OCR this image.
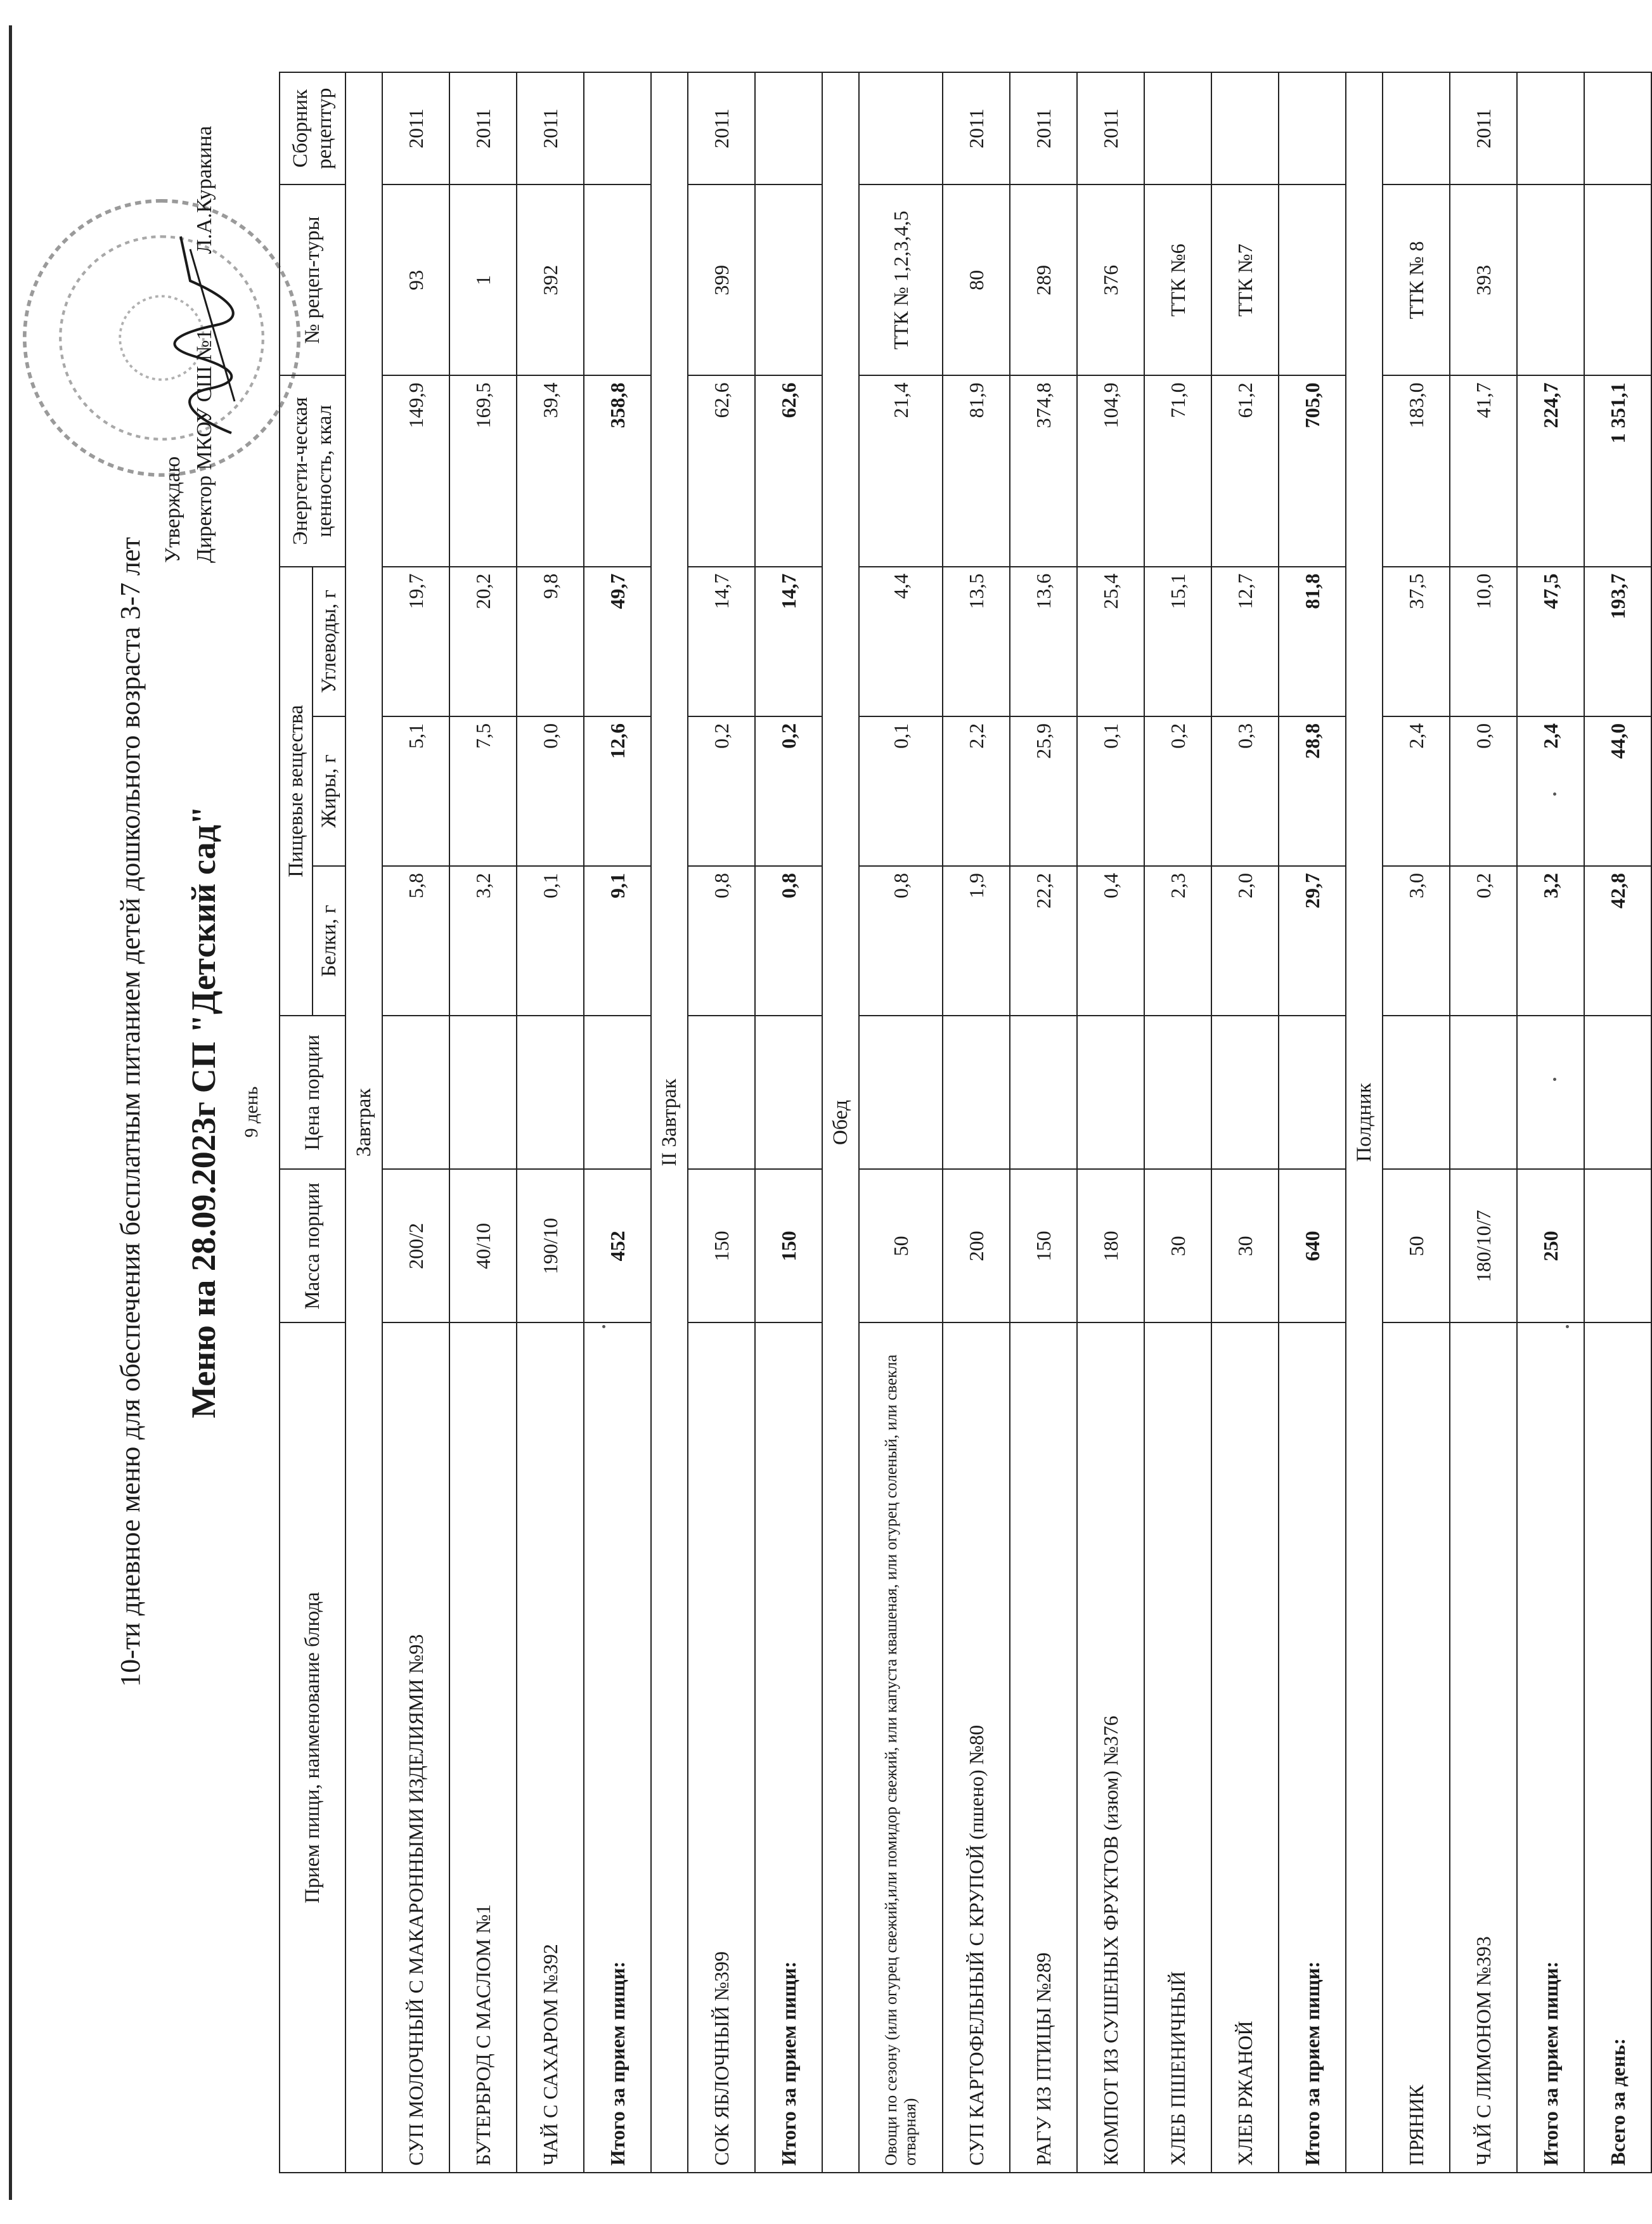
10-ти дневное меню для обеспечения бесплатным питанием детей дошкольного возраста 3-7 лет Меню на 28.09.2023г СП "Детский сад" 9 день
Утверждаю Директор МКОУ СШ №1              Л.А.Куракина
Прием пищи, наименование блюда	Масса порции	Цена порции	Пищевые вещества			Энергети-ческая ценность, ккал	№ рецеп-туры	Сборник рецептур
			Белки, г	Жиры, г	Углеводы, г			
Завтрак								
СУП МОЛОЧНЫЙ С МАКАРОННЫМИ ИЗДЕЛИЯМИ №93	200/2		5,8	5,1	19,7	149,9	93	2011
БУТЕРБРОД С МАСЛОМ №1	40/10		3,2	7,5	20,2	169,5	1	2011
ЧАЙ С САХАРОМ №392	190/10		0,1	0,0	9,8	39,4	392	2011
Итого за прием пищи:	452		9,1	12,6	49,7	358,8		
II Завтрак								
СОК ЯБЛОЧНЫЙ №399	150		0,8	0,2	14,7	62,6	399	2011
Итого за прием пищи:	150		0,8	0,2	14,7	62,6		
Обед								
Овощи по сезону (или огурец свежий,или помидор свежий, или капуста квашеная, или огурец соленый, или свекла отварная)	50		0,8	0,1	4,4	21,4	ТТК № 1,2,3,4,5	
СУП КАРТОФЕЛЬНЫЙ С КРУПОЙ (пшено) №80	200		1,9	2,2	13,5	81,9	80	2011
РАГУ ИЗ ПТИЦЫ №289	150		22,2	25,9	13,6	374,8	289	2011
КОМПОТ ИЗ СУШЕНЫХ ФРУКТОВ (изюм) №376	180		0,4	0,1	25,4	104,9	376	2011
ХЛЕБ ПШЕНИЧНЫЙ	30		2,3	0,2	15,1	71,0	ТТК №6	
ХЛЕБ РЖАНОЙ	30		2,0	0,3	12,7	61,2	ТТК №7	
Итого за прием пищи:	640		29,7	28,8	81,8	705,0		
Полдник								
ПРЯНИК	50		3,0	2,4	37,5	183,0	ТТК № 8	
ЧАЙ С ЛИМОНОМ №393	180/10/7		0,2	0,0	10,0	41,7	393	2011
Итого за прием пищи:	250		3,2	2,4	47,5	224,7		
Всего за день:			42,8	44,0	193,7	1 351,1		
